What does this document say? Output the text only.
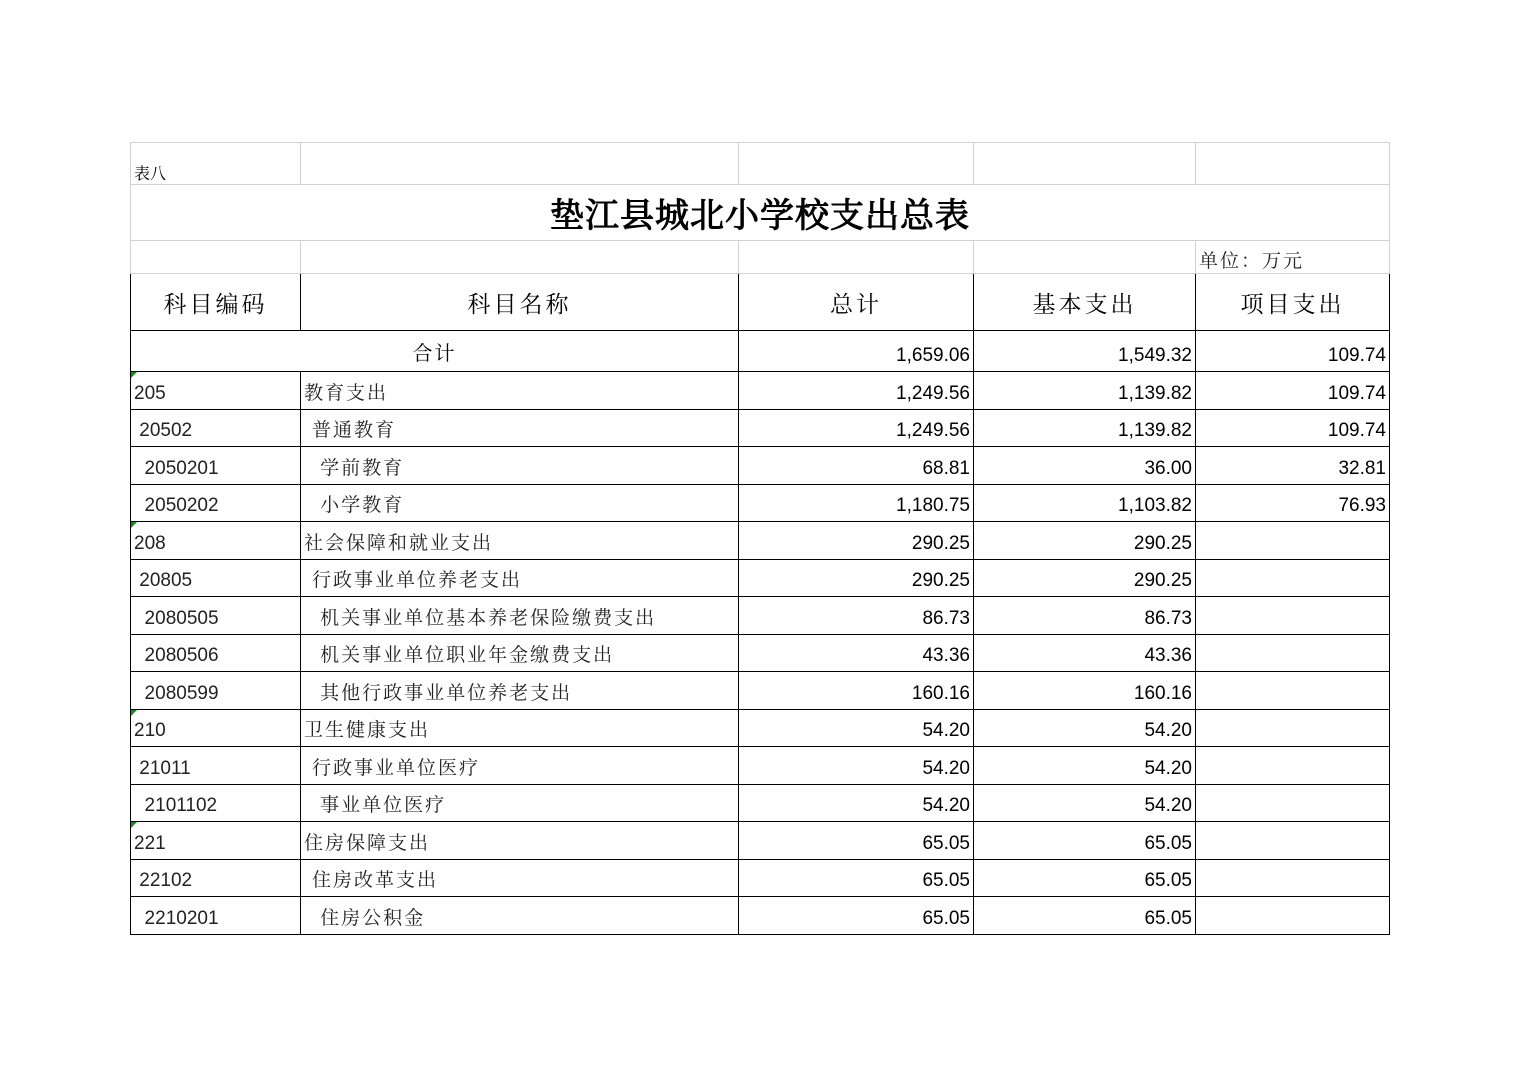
表八				
垫江县城北小学校支出总表				
				单位：万元
科目编码	科目名称	总计	基本支出	项目支出
合计		1,659.06	1,549.32	109.74
205	教育支出	1,249.56	1,139.82	109.74
20502	普通教育	1,249.56	1,139.82	109.74
2050201	学前教育	68.81	36.00	32.81
2050202	小学教育	1,180.75	1,103.82	76.93
208	社会保障和就业支出	290.25	290.25	
20805	行政事业单位养老支出	290.25	290.25	
2080505	机关事业单位基本养老保险缴费支出	86.73	86.73	
2080506	机关事业单位职业年金缴费支出	43.36	43.36	
2080599	其他行政事业单位养老支出	160.16	160.16	
210	卫生健康支出	54.20	54.20	
21011	行政事业单位医疗	54.20	54.20	
2101102	事业单位医疗	54.20	54.20	
221	住房保障支出	65.05	65.05	
22102	住房改革支出	65.05	65.05	
2210201	住房公积金	65.05	65.05	
